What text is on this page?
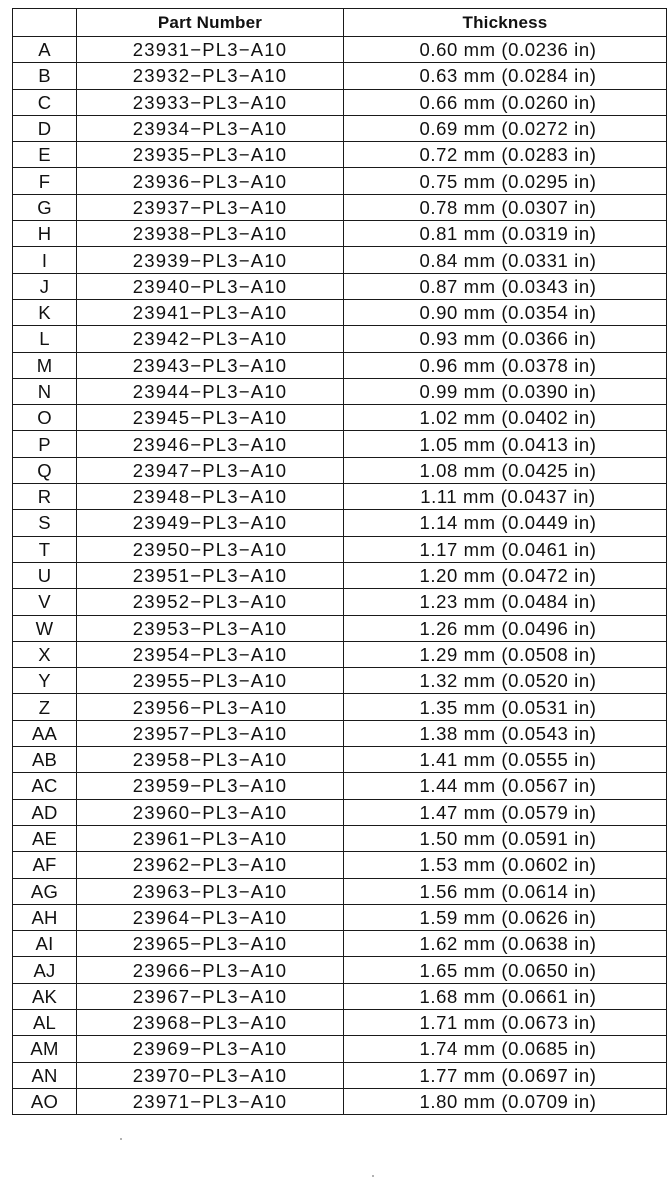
	Part Number	Thickness
A	23931−PL3−A10	0.60 mm (0.0236 in)
B	23932−PL3−A10	0.63 mm (0.0284 in)
C	23933−PL3−A10	0.66 mm (0.0260 in)
D	23934−PL3−A10	0.69 mm (0.0272 in)
E	23935−PL3−A10	0.72 mm (0.0283 in)
F	23936−PL3−A10	0.75 mm (0.0295 in)
G	23937−PL3−A10	0.78 mm (0.0307 in)
H	23938−PL3−A10	0.81 mm (0.0319 in)
I	23939−PL3−A10	0.84 mm (0.0331 in)
J	23940−PL3−A10	0.87 mm (0.0343 in)
K	23941−PL3−A10	0.90 mm (0.0354 in)
L	23942−PL3−A10	0.93 mm (0.0366 in)
M	23943−PL3−A10	0.96 mm (0.0378 in)
N	23944−PL3−A10	0.99 mm (0.0390 in)
O	23945−PL3−A10	1.02 mm (0.0402 in)
P	23946−PL3−A10	1.05 mm (0.0413 in)
Q	23947−PL3−A10	1.08 mm (0.0425 in)
R	23948−PL3−A10	1.11 mm (0.0437 in)
S	23949−PL3−A10	1.14 mm (0.0449 in)
T	23950−PL3−A10	1.17 mm (0.0461 in)
U	23951−PL3−A10	1.20 mm (0.0472 in)
V	23952−PL3−A10	1.23 mm (0.0484 in)
W	23953−PL3−A10	1.26 mm (0.0496 in)
X	23954−PL3−A10	1.29 mm (0.0508 in)
Y	23955−PL3−A10	1.32 mm (0.0520 in)
Z	23956−PL3−A10	1.35 mm (0.0531 in)
AA	23957−PL3−A10	1.38 mm (0.0543 in)
AB	23958−PL3−A10	1.41 mm (0.0555 in)
AC	23959−PL3−A10	1.44 mm (0.0567 in)
AD	23960−PL3−A10	1.47 mm (0.0579 in)
AE	23961−PL3−A10	1.50 mm (0.0591 in)
AF	23962−PL3−A10	1.53 mm (0.0602 in)
AG	23963−PL3−A10	1.56 mm (0.0614 in)
AH	23964−PL3−A10	1.59 mm (0.0626 in)
AI	23965−PL3−A10	1.62 mm (0.0638 in)
AJ	23966−PL3−A10	1.65 mm (0.0650 in)
AK	23967−PL3−A10	1.68 mm (0.0661 in)
AL	23968−PL3−A10	1.71 mm (0.0673 in)
AM	23969−PL3−A10	1.74 mm (0.0685 in)
AN	23970−PL3−A10	1.77 mm (0.0697 in)
AO	23971−PL3−A10	1.80 mm (0.0709 in)
